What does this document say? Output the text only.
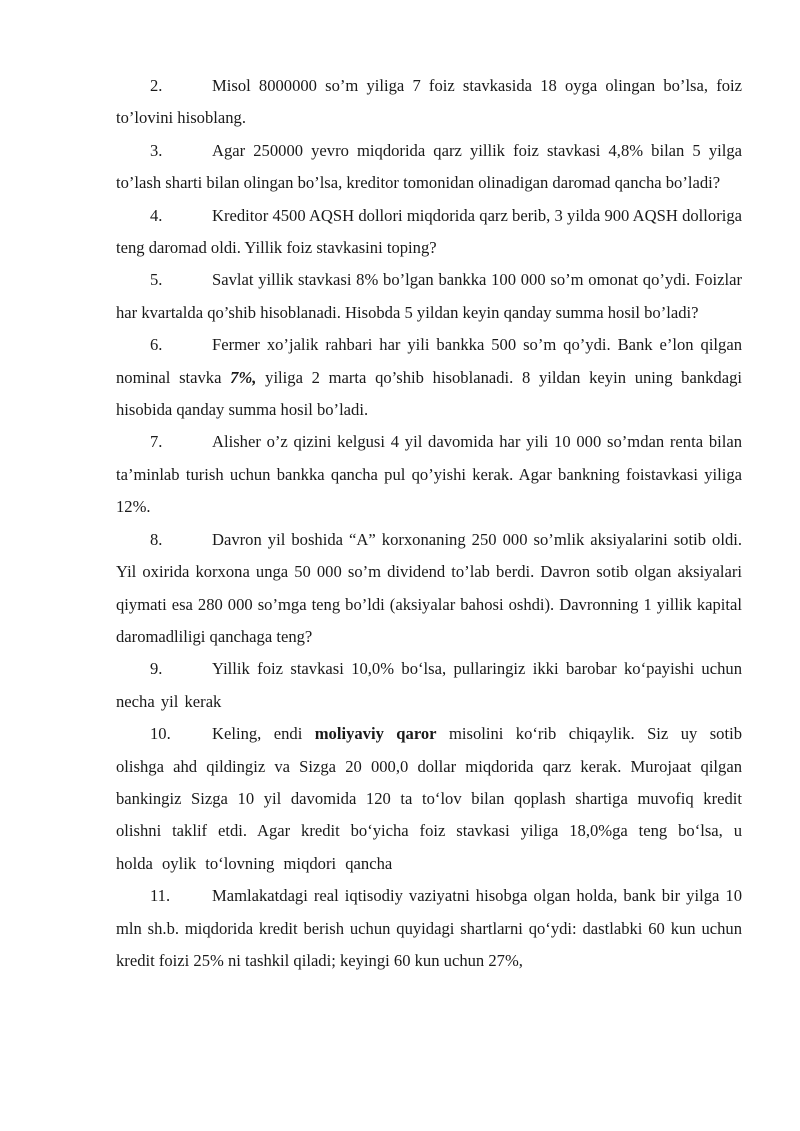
2.	Misol 8000000 so’m yiliga 7 foiz stavkasida 18 oyga olingan bo’lsa, foiz to’lovini hisoblang.

3.	Agar 250000 yevro miqdorida qarz yillik foiz stavkasi 4,8% bilan 5 yilga to’lash sharti bilan olingan bo’lsa, kreditor tomonidan olinadigan daromad qancha bo’ladi?

4.	Kreditor 4500 AQSH dollori miqdorida qarz berib, 3 yilda 900 AQSH dolloriga teng daromad oldi. Yillik foiz stavkasini toping?

5.	Savlat yillik stavkasi 8% bo’lgan bankka 100 000 so’m omonat qo’ydi. Foizlar har kvartalda qo’shib hisoblanadi. Hisobda 5 yildan keyin qanday summa hosil bo’ladi?

6.	Fermer xo’jalik rahbari har yili bankka 500 so’m qo’ydi. Bank e’lon qilgan nominal stavka 7%, yiliga 2 marta qo’shib hisoblanadi. 8 yildan keyin uning bankdagi hisobida qanday summa hosil bo’ladi.

7.	Alisher o’z qizini kelgusi 4 yil davomida har yili 10 000 so’mdan renta bilan ta’minlab turish uchun bankka qancha pul qo’yishi kerak. Agar bankning foistavkasi yiliga 12%.

8.	Davron yil boshida “A” korxonaning 250 000 so’mlik aksiyalarini sotib oldi. Yil oxirida korxona unga 50 000 so’m dividend to’lab berdi. Davron sotib olgan aksiyalari qiymati esa 280 000 so’mga teng bo’ldi (aksiyalar bahosi oshdi). Davronning 1 yillik kapital daromadliligi qanchaga teng?

9.	Yillik foiz stavkasi 10,0% bo‘lsa, pullaringiz ikki barobar ko‘payishi uchun necha yil kerak

10. Keling, endi moliyaviy qaror misolini ko‘rib chiqaylik. Siz uy sotib olishga ahd qildingiz va Sizga 20 000,0 dollar miqdorida qarz kerak. Murojaat qilgan bankingiz Sizga 10 yil davomida 120 ta to‘lov bilan qoplash shartiga muvofiq kredit olishni taklif etdi. Agar kredit bo‘yicha foiz stavkasi yiliga 18,0%ga teng bo‘lsa, u holda oylik to‘lovning miqdori qancha

11.	Mamlakatdagi real iqtisodiy vaziyatni hisobga olgan holda, bank bir yilga 10 mln sh.b. miqdorida kredit berish uchun quyidagi shartlarni qo‘ydi: dastlabki 60 kun uchun kredit foizi 25% ni tashkil qiladi; keyingi 60 kun uchun 27%,
